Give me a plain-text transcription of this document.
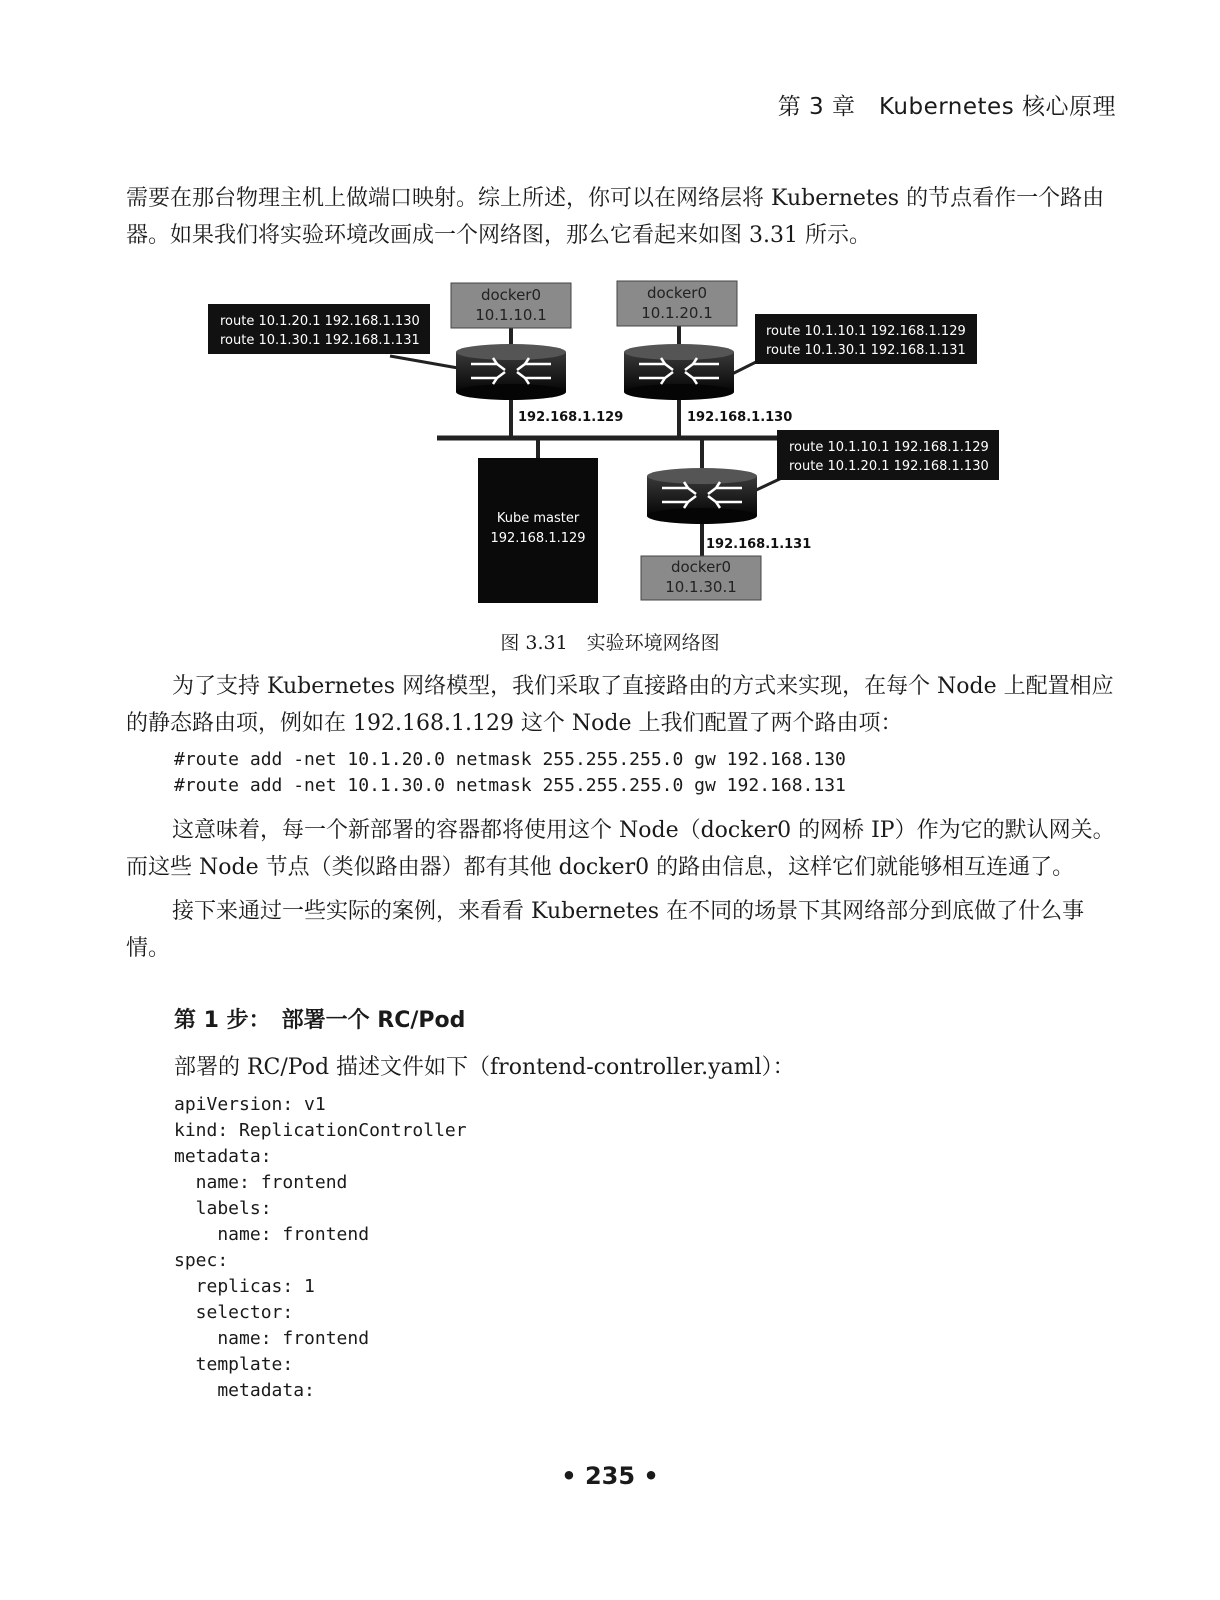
第 3 章　Kubernetes 核心原理

需要在那台物理主机上做端口映射。综上所述，你可以在网络层将 Kubernetes 的节点看作一个路由器。如果我们将实验环境改画成一个网络图，那么它看起来如图 3.31 所示。

docker0
10.1.10.1
docker0
10.1.20.1
docker0
10.1.30.1
route 10.1.20.1 192.168.1.130
route 10.1.30.1 192.168.1.131
route 10.1.10.1 192.168.1.129
route 10.1.30.1 192.168.1.131
route 10.1.10.1 192.168.1.129
route 10.1.20.1 192.168.1.130
Kube master
192.168.1.129
192.168.1.129	192.168.1.130
192.168.1.131
图 3.31　实验环境网络图

为了支持 Kubernetes 网络模型，我们采取了直接路由的方式来实现，在每个 Node 上配置相应的静态路由项，例如在 192.168.1.129 这个 Node 上我们配置了两个路由项：

#route add -net 10.1.20.0 netmask 255.255.255.0 gw 192.168.130
#route add -net 10.1.30.0 netmask 255.255.255.0 gw 192.168.131

这意味着，每一个新部署的容器都将使用这个 Node（docker0 的网桥 IP）作为它的默认网关。而这些 Node 节点（类似路由器）都有其他 docker0 的路由信息，这样它们就能够相互连通了。

接下来通过一些实际的案例，来看看 Kubernetes 在不同的场景下其网络部分到底做了什么事情。

第 1 步：　部署一个 RC/Pod
部署的 RC/Pod 描述文件如下（frontend-controller.yaml）：
apiVersion: v1
kind: ReplicationController
metadata:
name: frontend
labels:
name: frontend
spec:
replicas: 1
selector:
name: frontend
template:
metadata:
• 235 •
